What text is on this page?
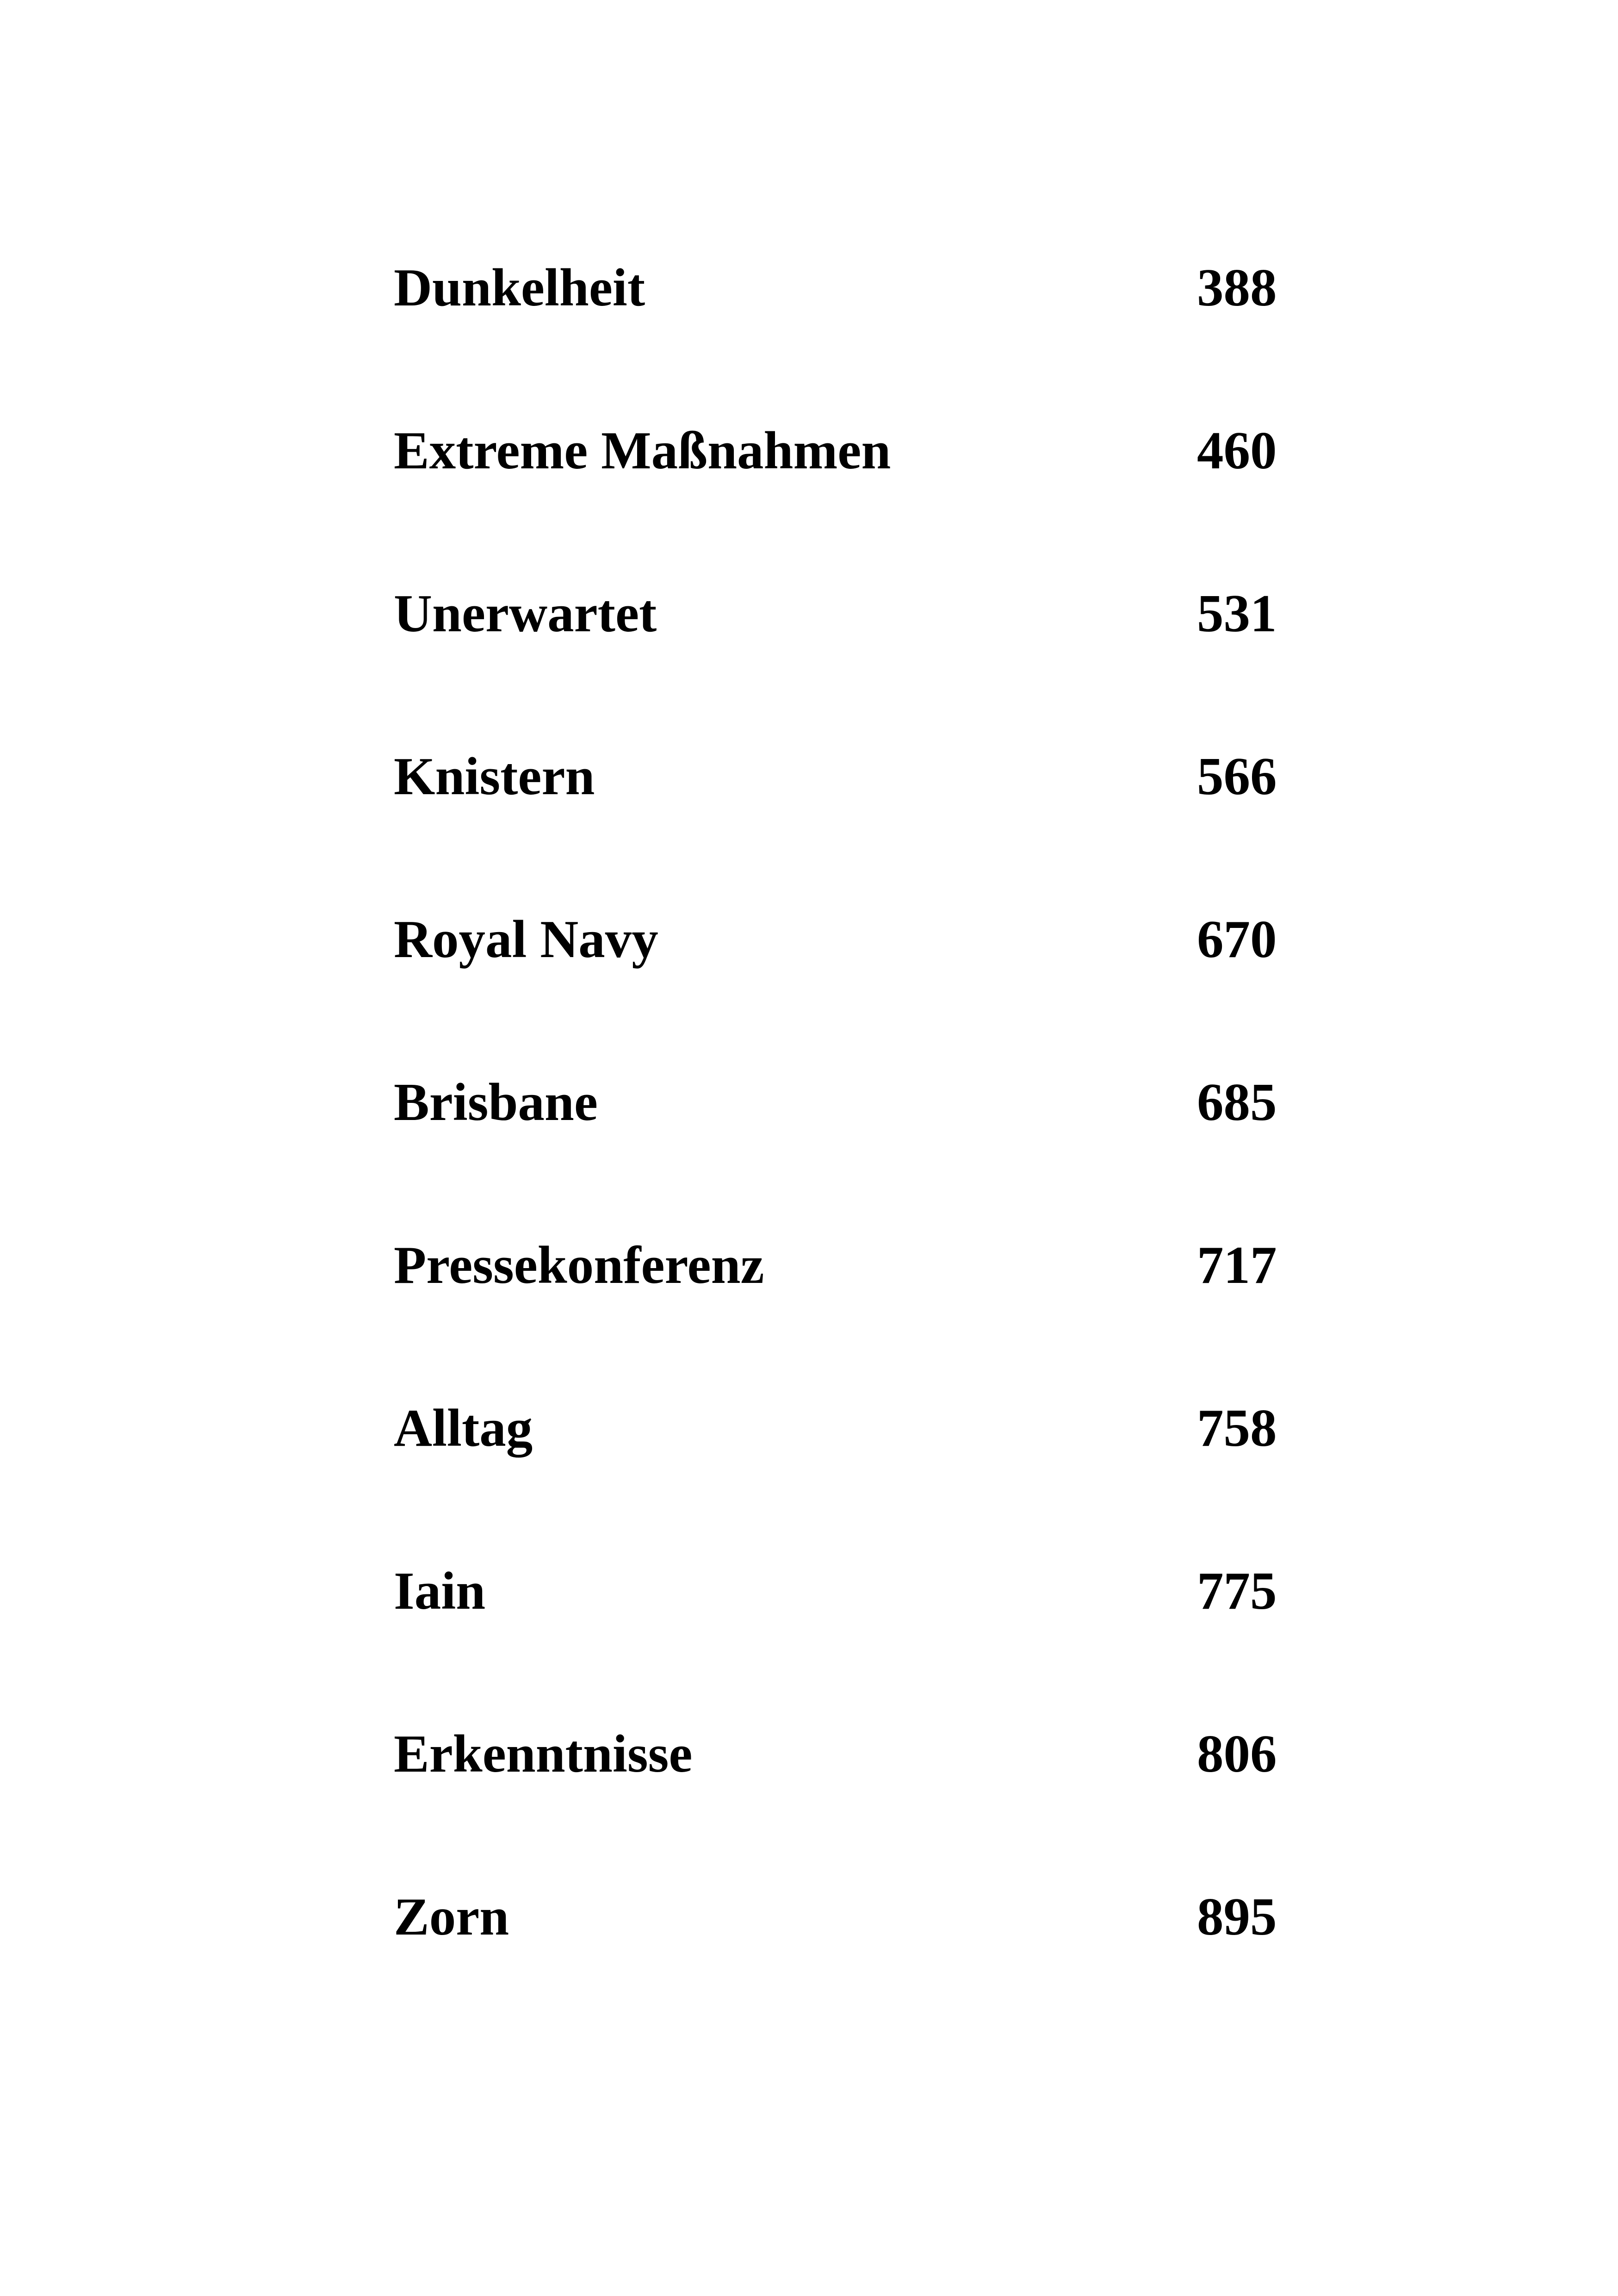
Dunkelheit	388
Extreme Maßnahmen	460
Unerwartet	531
Knistern	566
Royal Navy	670
Brisbane	685
Pressekonferenz	717
Alltag	758
Iain	775
Erkenntnisse	806
Zorn	895
